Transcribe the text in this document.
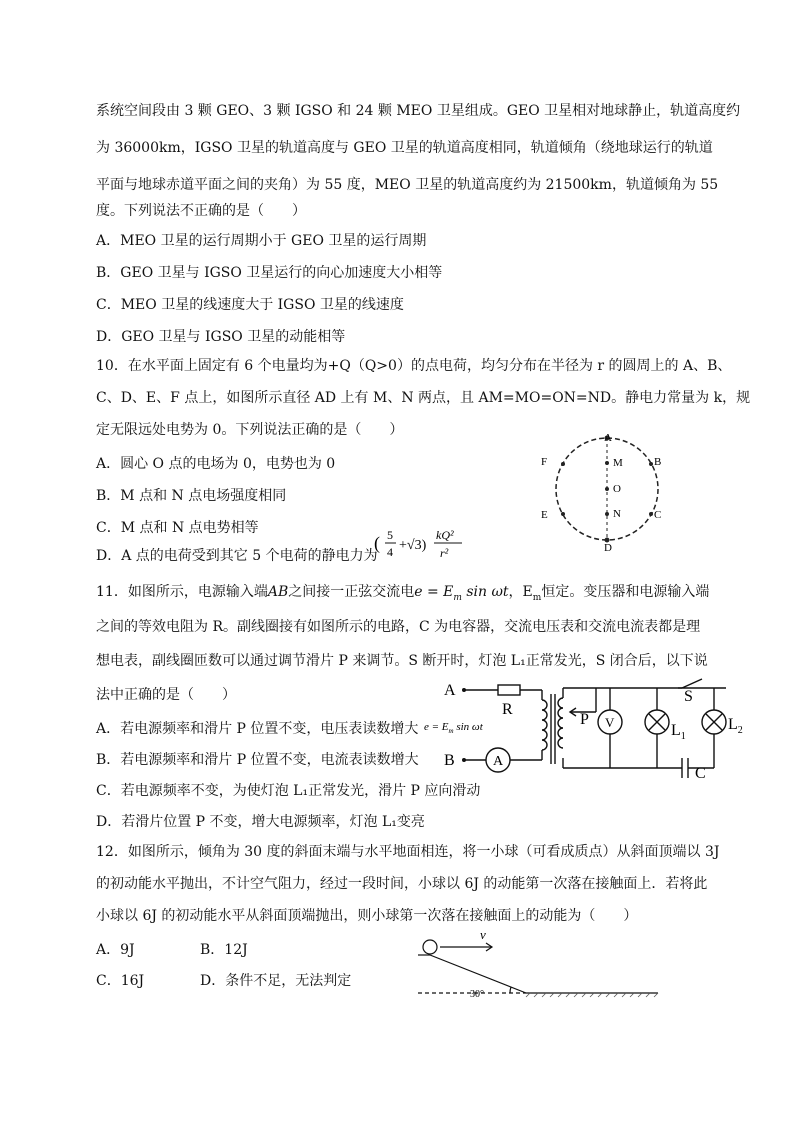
系统空间段由 3 颗 GEO、3 颗 IGSO 和 24 颗 MEO 卫星组成。GEO 卫星相对地球静止，轨道高度约
为 36000km，IGSO 卫星的轨道高度与 GEO 卫星的轨道高度相同，轨道倾角（绕地球运行的轨道
平面与地球赤道平面之间的夹角）为 55 度，MEO 卫星的轨道高度约为 21500km，轨道倾角为 55
度。下列说法不正确的是（　　）
A．MEO 卫星的运行周期小于 GEO 卫星的运行周期
B．GEO 卫星与 IGSO 卫星运行的向心加速度大小相等
C．MEO 卫星的线速度大于 IGSO 卫星的线速度
D．GEO 卫星与 IGSO 卫星的动能相等
10．在水平面上固定有 6 个电量均为+Q（Q>0）的点电荷，均匀分布在半径为 r 的圆周上的 A、B、
C、D、E、F 点上，如图所示直径 AD 上有 M、N 两点，且 AM=MO=ON=ND。静电力常量为 k，规
定无限远处电势为 0。下列说法正确的是（　　）
A．圆心 O 点的电场为 0，电势也为 0
B．M 点和 N 点电场强度相同
C．M 点和 N 点电势相等
D．A 点的电荷受到其它 5 个电荷的静电力为
( 5
4 +√3)
kQ²
r²
A
D
B
C
F
E
M
O
N
11．如图所示，电源输入端AB之间接一正弦交流电$e = E_m$ sin ωt，$E_m$恒定。变压器和电源输入端
之间的等效电阻为 R。副线圈接有如图所示的电路，C 为电容器，交流电压表和交流电流表都是理
想电表，副线圈匝数可以通过调节滑片 P 来调节。S 断开时，灯泡 L₁正常发光，S 闭合后，以下说
法中正确的是（　　）
A．若电源频率和滑片 P 位置不变，电压表读数增大
B．若电源频率和滑片 P 位置不变，电流表读数增大
C．若电源频率不变，为使灯泡 L₁正常发光，滑片 P 应向滑动
D．若滑片位置 P 不变，增大电源频率，灯泡 L₁变亮
A
B
R
A
P V	$L_1$
$L_2$
S
C
$e = E_m$ sin ωt
12．如图所示，倾角为 30 度的斜面末端与水平地面相连，将一小球（可看成质点）从斜面顶端以 3J
的初动能水平抛出，不计空气阻力，经过一段时间，小球以 6J 的动能第一次落在接触面上．若将此
小球以 6J 的初动能水平从斜面顶端抛出，则小球第一次落在接触面上的动能为（　　）
A．9J	B．12J
C．16J	D．条件不足，无法判定
v
30°
